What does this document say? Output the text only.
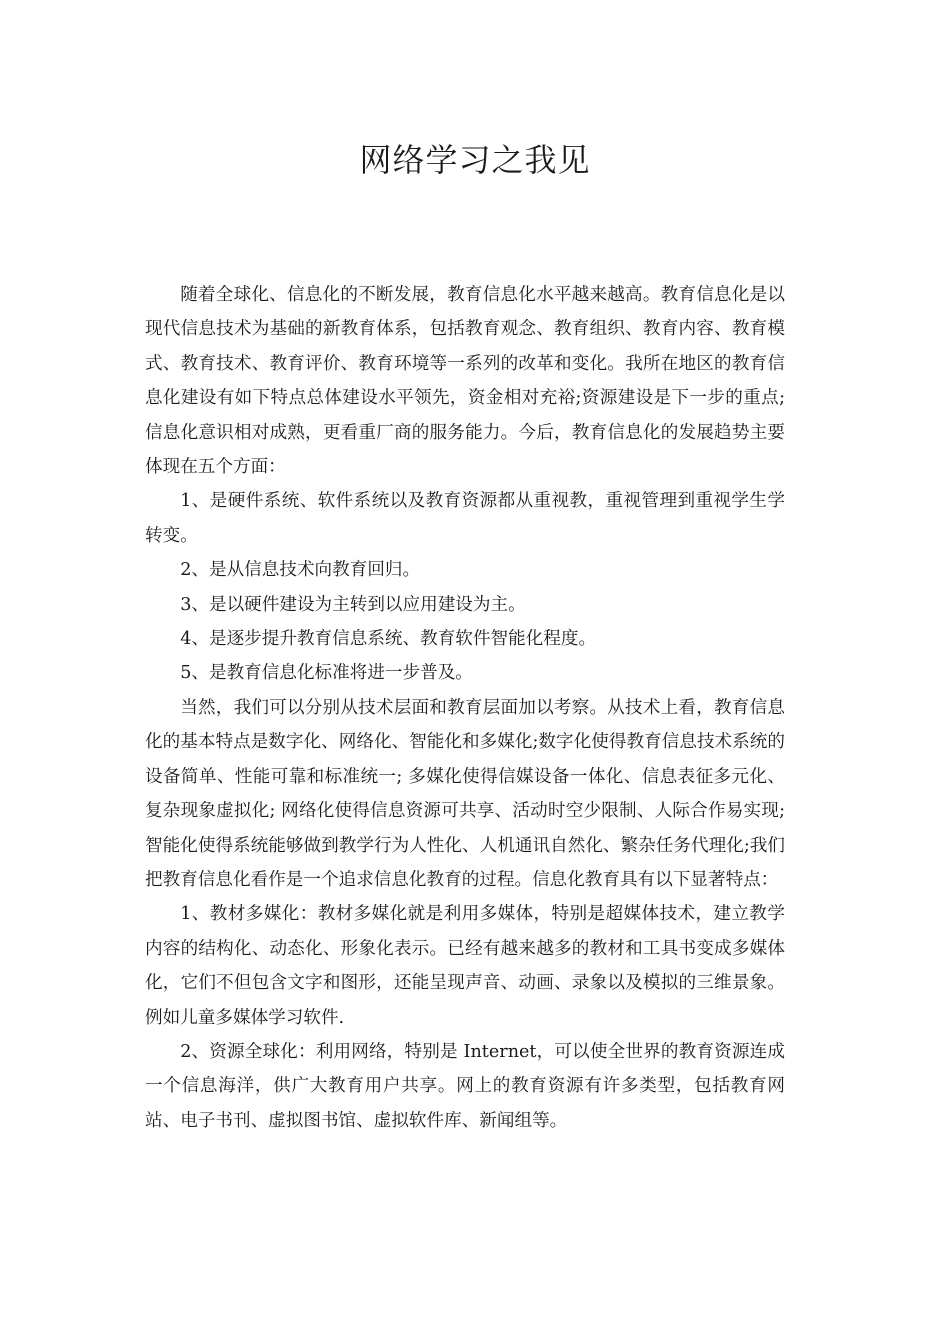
网络学习之我见

随着全球化、信息化的不断发展，教育信息化水平越来越高。教育信息化是以现代信息技术为基础的新教育体系，包括教育观念、教育组织、教育内容、教育模式、教育技术、教育评价、教育环境等一系列的改革和变化。我所在地区的教育信息化建设有如下特点总体建设水平领先，资金相对充裕;资源建设是下一步的重点;信息化意识相对成熟，更看重厂商的服务能力。今后，教育信息化的发展趋势主要体现在五个方面：

1、是硬件系统、软件系统以及教育资源都从重视教，重视管理到重视学生学转变。

2、是从信息技术向教育回归。

3、是以硬件建设为主转到以应用建设为主。

4、是逐步提升教育信息系统、教育软件智能化程度。

5、是教育信息化标准将进一步普及。

当然，我们可以分别从技术层面和教育层面加以考察。从技术上看，教育信息化的基本特点是数字化、网络化、智能化和多媒化;数字化使得教育信息技术系统的设备简单、性能可靠和标准统一; 多媒化使得信媒设备一体化、信息表征多元化、复杂现象虚拟化; 网络化使得信息资源可共享、活动时空少限制、人际合作易实现; 智能化使得系统能够做到教学行为人性化、人机通讯自然化、繁杂任务代理化;我们把教育信息化看作是一个追求信息化教育的过程。信息化教育具有以下显著特点：

1、教材多媒化：教材多媒化就是利用多媒体，特别是超媒体技术，建立教学内容的结构化、动态化、形象化表示。已经有越来越多的教材和工具书变成多媒体化，它们不但包含文字和图形，还能呈现声音、动画、录象以及模拟的三维景象。例如儿童多媒体学习软件.

2、资源全球化：利用网络，特别是 Internet，可以使全世界的教育资源连成一个信息海洋，供广大教育用户共享。网上的教育资源有许多类型，包括教育网站、电子书刊、虚拟图书馆、虚拟软件库、新闻组等。
